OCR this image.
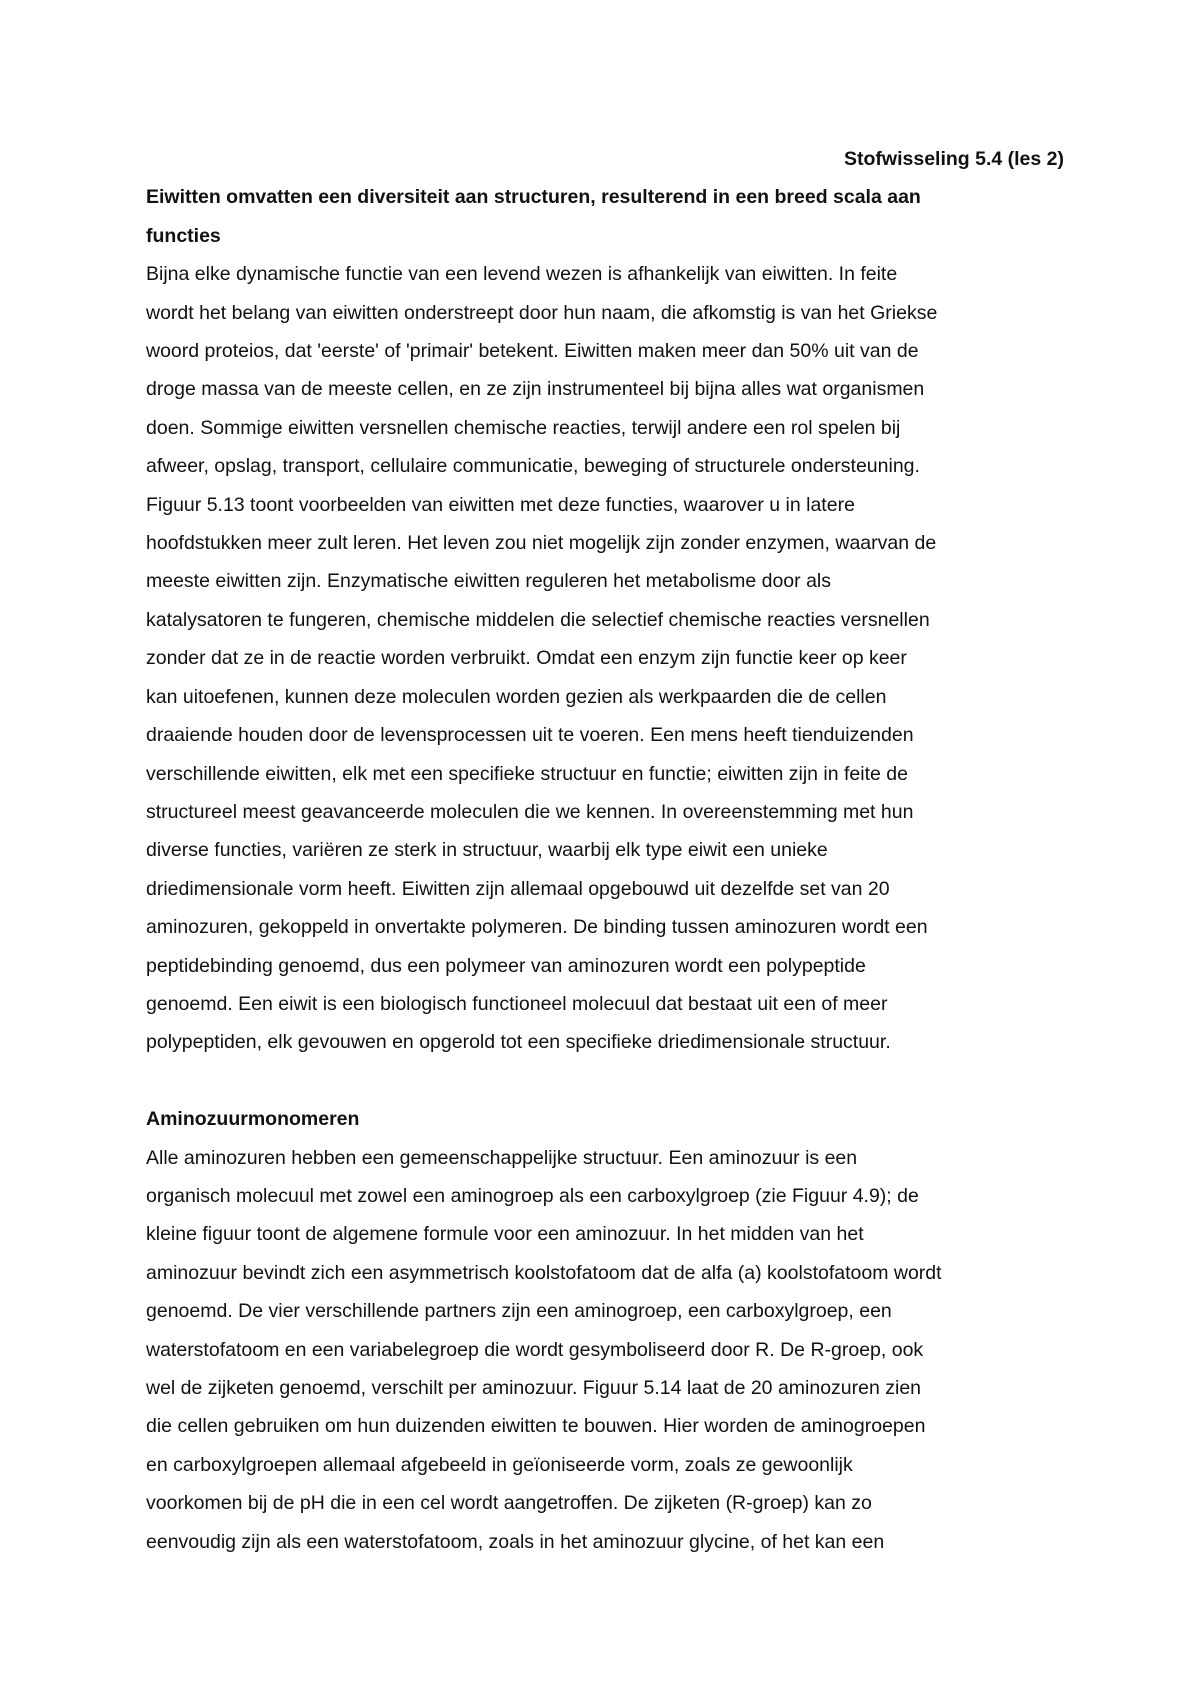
Stofwisseling 5.4 (les 2)

Eiwitten omvatten een diversiteit aan structuren, resulterend in een breed scala aan
functies
Bijna elke dynamische functie van een levend wezen is afhankelijk van eiwitten. In feite
wordt het belang van eiwitten onderstreept door hun naam, die afkomstig is van het Griekse
woord proteios, dat 'eerste' of 'primair' betekent. Eiwitten maken meer dan 50% uit van de
droge massa van de meeste cellen, en ze zijn instrumenteel bij bijna alles wat organismen
doen. Sommige eiwitten versnellen chemische reacties, terwijl andere een rol spelen bij
afweer, opslag, transport, cellulaire communicatie, beweging of structurele ondersteuning.
Figuur 5.13 toont voorbeelden van eiwitten met deze functies, waarover u in latere
hoofdstukken meer zult leren. Het leven zou niet mogelijk zijn zonder enzymen, waarvan de
meeste eiwitten zijn. Enzymatische eiwitten reguleren het metabolisme door als
katalysatoren te fungeren, chemische middelen die selectief chemische reacties versnellen
zonder dat ze in de reactie worden verbruikt. Omdat een enzym zijn functie keer op keer
kan uitoefenen, kunnen deze moleculen worden gezien als werkpaarden die de cellen
draaiende houden door de levensprocessen uit te voeren. Een mens heeft tienduizenden
verschillende eiwitten, elk met een specifieke structuur en functie; eiwitten zijn in feite de
structureel meest geavanceerde moleculen die we kennen. In overeenstemming met hun
diverse functies, variëren ze sterk in structuur, waarbij elk type eiwit een unieke
driedimensionale vorm heeft. Eiwitten zijn allemaal opgebouwd uit dezelfde set van 20
aminozuren, gekoppeld in onvertakte polymeren. De binding tussen aminozuren wordt een
peptidebinding genoemd, dus een polymeer van aminozuren wordt een polypeptide
genoemd. Een eiwit is een biologisch functioneel molecuul dat bestaat uit een of meer
polypeptiden, elk gevouwen en opgerold tot een specifieke driedimensionale structuur.
Aminozuurmonomeren
Alle aminozuren hebben een gemeenschappelijke structuur. Een aminozuur is een
organisch molecuul met zowel een aminogroep als een carboxylgroep (zie Figuur 4.9); de
kleine figuur toont de algemene formule voor een aminozuur. In het midden van het
aminozuur bevindt zich een asymmetrisch koolstofatoom dat de alfa (a) koolstofatoom wordt
genoemd. De vier verschillende partners zijn een aminogroep, een carboxylgroep, een
waterstofatoom en een variabelegroep die wordt gesymboliseerd door R. De R-groep, ook
wel de zijketen genoemd, verschilt per aminozuur. Figuur 5.14 laat de 20 aminozuren zien
die cellen gebruiken om hun duizenden eiwitten te bouwen. Hier worden de aminogroepen
en carboxylgroepen allemaal afgebeeld in geïoniseerde vorm, zoals ze gewoonlijk
voorkomen bij de pH die in een cel wordt aangetroffen. De zijketen (R-groep) kan zo
eenvoudig zijn als een waterstofatoom, zoals in het aminozuur glycine, of het kan een
